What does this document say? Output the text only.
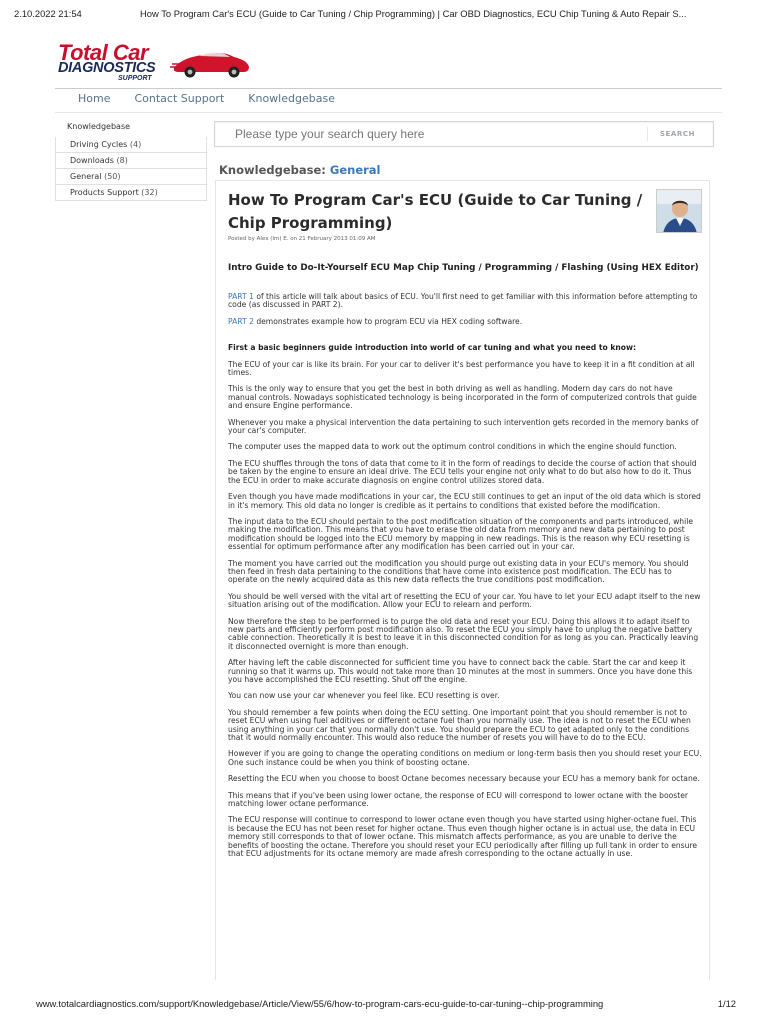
2.10.2022 21:54	How To Program Car's ECU (Guide to Car Tuning / Chip Programming) | Car OBD Diagnostics, ECU Chip Tuning & Auto Repair S...
Total Car
DIAGNOSTICS
SUPPORT
Home Contact Support Knowledgebase
Knowledgebase
Driving Cycles (4)
Downloads (8)
General (50)
Products Support (32)
Please type your search query here
SEARCH
Knowledgebase: General
How To Program Car's ECU (Guide to Car Tuning / Chip Programming)
Posted by Alex (Im) E. on 21 February 2013 01:09 AM
Intro Guide to Do-It-Yourself ECU Map Chip Tuning / Programming / Flashing (Using HEX Editor)

PART 1 of this article will talk about basics of ECU. You'll first need to get familiar with this information before attempting to code (as discussed in PART 2).

PART 2 demonstrates example how to program ECU via HEX coding software.

First a basic beginners guide introduction into world of car tuning and what you need to know:

The ECU of your car is like its brain. For your car to deliver it's best performance you have to keep it in a fit condition at all times.

This is the only way to ensure that you get the best in both driving as well as handling. Modern day cars do not have manual controls. Nowadays sophisticated technology is being incorporated in the form of computerized controls that guide and ensure Engine performance.

Whenever you make a physical intervention the data pertaining to such intervention gets recorded in the memory banks of your car's computer.

The computer uses the mapped data to work out the optimum control conditions in which the engine should function.

The ECU shuffles through the tons of data that come to it in the form of readings to decide the course of action that should be taken by the engine to ensure an ideal drive. The ECU tells your engine not only what to do but also how to do it. Thus the ECU in order to make accurate diagnosis on engine control utilizes stored data.

Even though you have made modifications in your car, the ECU still continues to get an input of the old data which is stored in it's memory. This old data no longer is credible as it pertains to conditions that existed before the modification.

The input data to the ECU should pertain to the post modification situation of the components and parts introduced, while making the modification. This means that you have to erase the old data from memory and new data pertaining to post modification should be logged into the ECU memory by mapping in new readings. This is the reason why ECU resetting is essential for optimum performance after any modification has been carried out in your car.

The moment you have carried out the modification you should purge out existing data in your ECU's memory. You should then feed in fresh data pertaining to the conditions that have come into existence post modification. The ECU has to operate on the newly acquired data as this new data reflects the true conditions post modification.

You should be well versed with the vital art of resetting the ECU of your car. You have to let your ECU adapt itself to the new situation arising out of the modification. Allow your ECU to relearn and perform.

Now therefore the step to be performed is to purge the old data and reset your ECU. Doing this allows it to adapt itself to new parts and efficiently perform post modification also. To reset the ECU you simply have to unplug the negative battery cable connection. Theoretically it is best to leave it in this disconnected condition for as long as you can. Practically leaving it disconnected overnight is more than enough.

After having left the cable disconnected for sufficient time you have to connect back the cable. Start the car and keep it running so that it warms up. This would not take more than 10 minutes at the most in summers. Once you have done this you have accomplished the ECU resetting. Shut off the engine.

You can now use your car whenever you feel like. ECU resetting is over.

You should remember a few points when doing the ECU setting. One important point that you should remember is not to reset ECU when using fuel additives or different octane fuel than you normally use. The idea is not to reset the ECU when using anything in your car that you normally don't use. You should prepare the ECU to get adapted only to the conditions that it would normally encounter. This would also reduce the number of resets you will have to do to the ECU.

However if you are going to change the operating conditions on medium or long-term basis then you should reset your ECU. One such instance could be when you think of boosting octane.

Resetting the ECU when you choose to boost Octane becomes necessary because your ECU has a memory bank for octane.

This means that if you've been using lower octane, the response of ECU will correspond to lower octane with the booster matching lower octane performance.

The ECU response will continue to correspond to lower octane even though you have started using higher-octane fuel. This is because the ECU has not been reset for higher octane. Thus even though higher octane is in actual use, the data in ECU memory still corresponds to that of lower octane. This mismatch affects performance, as you are unable to derive the benefits of boosting the octane. Therefore you should reset your ECU periodically after filling up full tank in order to ensure that ECU adjustments for its octane memory are made afresh corresponding to the octane actually in use.

www.totalcardiagnostics.com/support/Knowledgebase/Article/View/55/6/how-to-program-cars-ecu-guide-to-car-tuning--chip-programming	1/12
